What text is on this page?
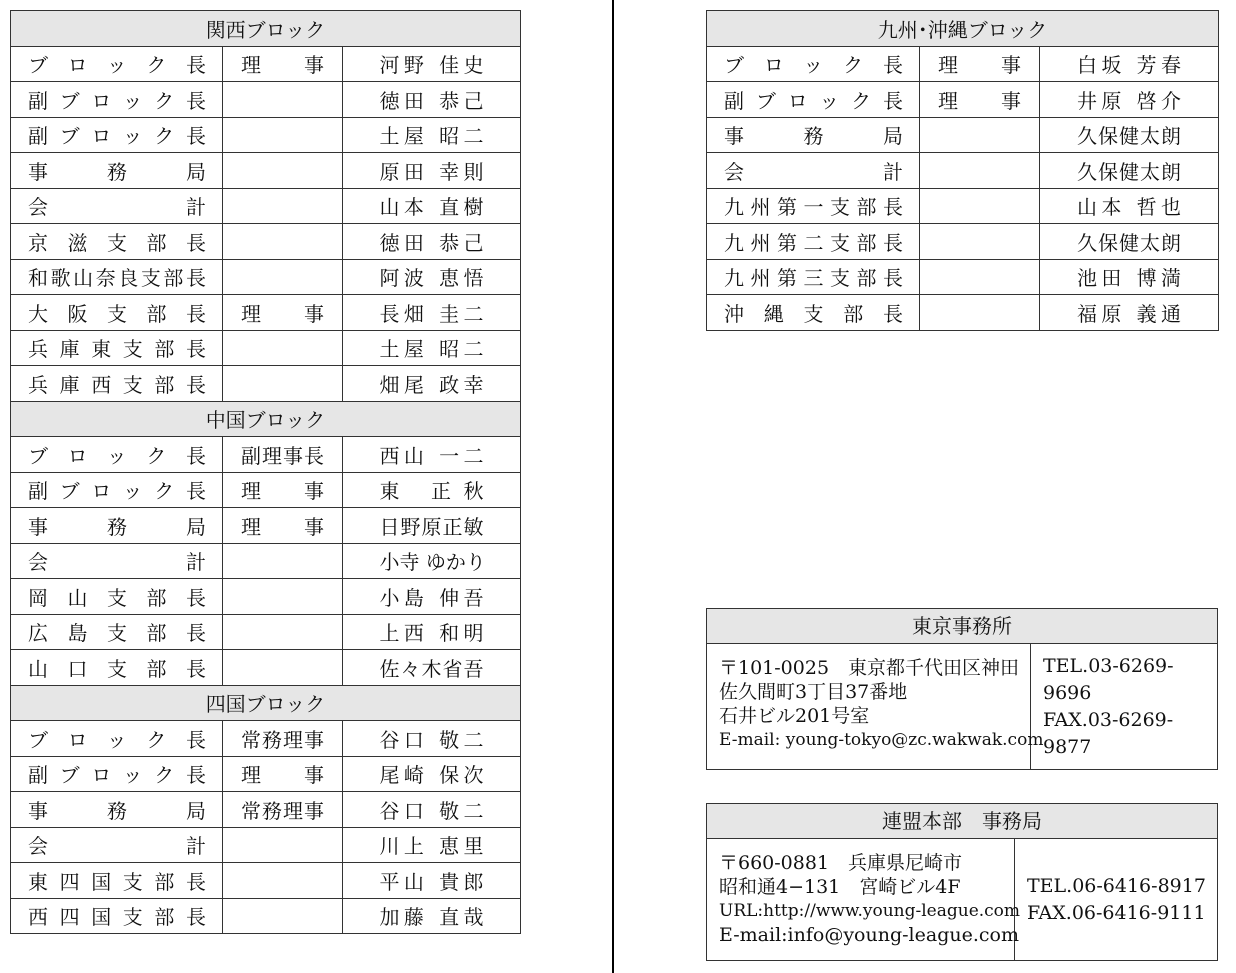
関西ブロック		
ブロック長	理事	河野 佳史
副ブロック長		徳田 恭己
副ブロック長		土屋 昭二
事務局		原田 幸則
会計		山本 直樹
京滋支部長		徳田 恭己
和歌山奈良支部長		阿波 恵悟
大阪支部長	理事	長畑 圭二
兵庫東支部長		土屋 昭二
兵庫西支部長		畑尾 政幸
中国ブロック		
ブロック長	副理事長	西山 一二
副ブロック長	理事	東 正秋
事務局	理事	日野原正敏
会計		小寺 ゆかり
岡山支部長		小島 伸吾
広島支部長		上西 和明
山口支部長		佐々木省吾
四国ブロック		
ブロック長	常務理事	谷口 敬二
副ブロック長	理事	尾崎 保次
事務局	常務理事	谷口 敬二
会計		川上 恵里
東四国支部長		平山 貴郎
西四国支部長		加藤 直哉
九州･沖縄ブロック		
ブロック長	理事	白坂 芳春
副ブロック長	理事	井原 啓介
事務局		久保健太朗
会計		久保健太朗
九州第一支部長		山本 哲也
九州第二支部長		久保健太朗
九州第三支部長		池田 博満
沖縄支部長		福原 義通
東京事務所
〒101-0025　東京都千代田区神田
佐久間町3丁目37番地
石井ビル201号室
E-mail: young-tokyo@zc.wakwak.com
TEL.03-6269-9696
FAX.03-6269-9877
連盟本部　事務局
〒660-0881　兵庫県尼崎市
昭和通4−131　宮崎ビル4F
URL:http://www.young-league.com
E-mail:info@young-league.com
TEL.06-6416-8917
FAX.06-6416-9111
